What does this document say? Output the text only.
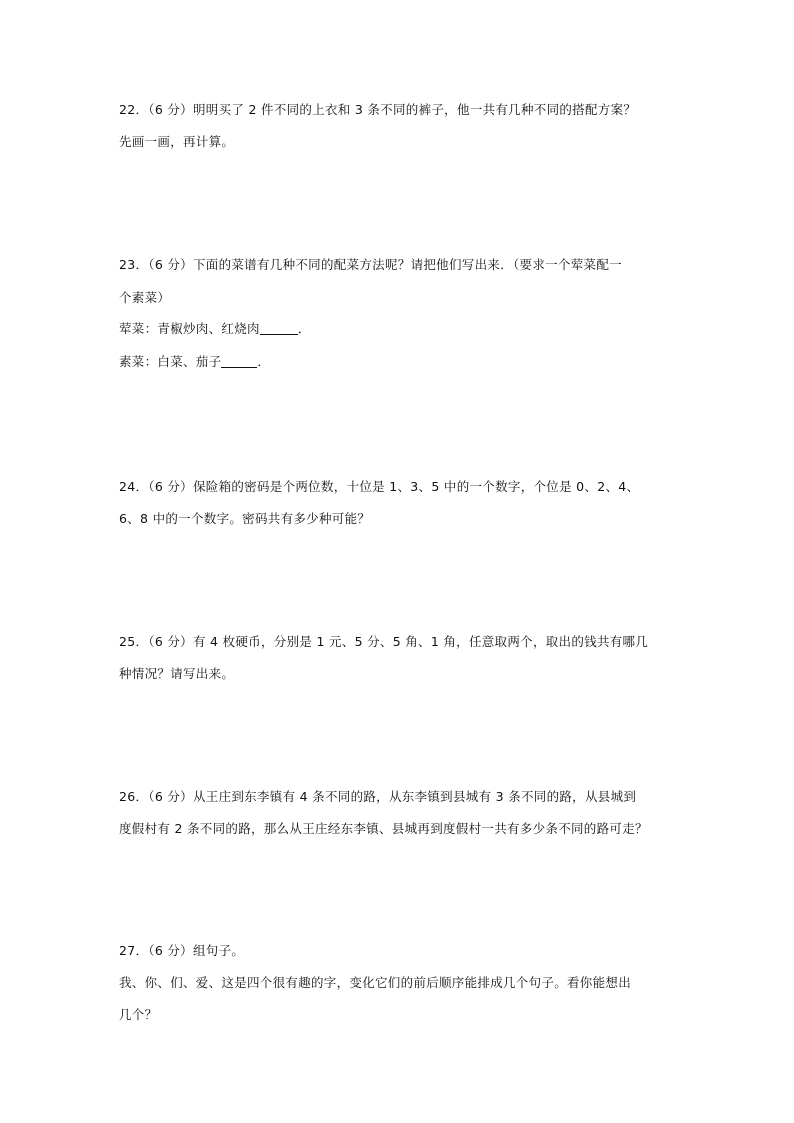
22．（6 分）明明买了 2 件不同的上衣和 3 条不同的裤子，他一共有几种不同的搭配方案？
先画一画，再计算。
23．（6 分）下面的菜谱有几种不同的配菜方法呢？请把他们写出来．（要求一个荤菜配一
个素菜）
荤菜：青椒炒肉、红烧肉	．
素菜：白菜、茄子	．
24．（6 分）保险箱的密码是个两位数，十位是 1、3、5 中的一个数字，个位是 0、2、4、
6、8 中的一个数字。密码共有多少种可能？
25．（6 分）有 4 枚硬币，分别是 1 元、5 分、5 角、1 角，任意取两个，取出的钱共有哪几
种情况？请写出来。
26．（6 分）从王庄到东李镇有 4 条不同的路，从东李镇到县城有 3 条不同的路，从县城到
度假村有 2 条不同的路，那么从王庄经东李镇、县城再到度假村一共有多少条不同的路可走？
27．（6 分）组句子。
我、你、们、爱、这是四个很有趣的字，变化它们的前后顺序能排成几个句子。看你能想出
几个？
